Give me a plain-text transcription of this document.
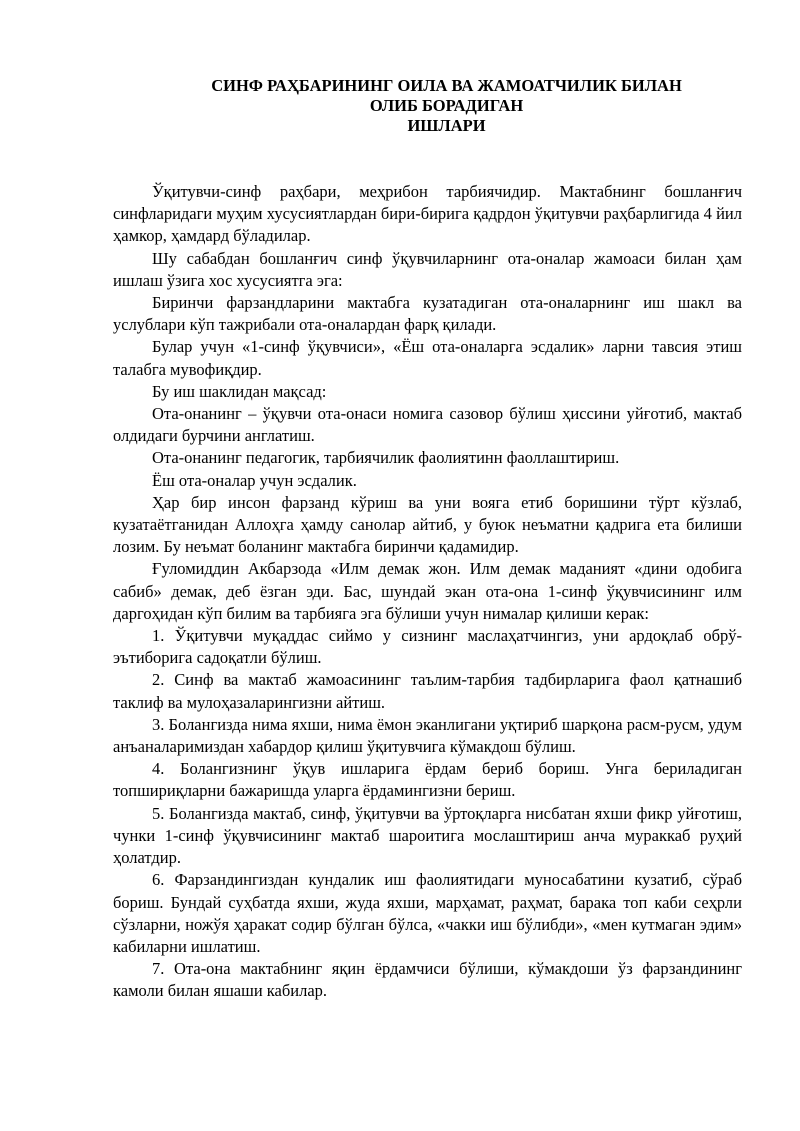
СИНФ РАҲБАРИНИНГ ОИЛА ВА ЖАМОАТЧИЛИК БИЛАН
ОЛИБ БОРАДИГАН
ИШЛАРИ

Ўқитувчи-синф раҳбари, меҳрибон тарбиячидир. Мактабнинг бошланғич синфларидаги муҳим хусусиятлардан бири-бирига қадрдон ўқитувчи раҳбарлигида 4 йил ҳамкор, ҳамдард бўладилар.

Шу сабабдан бошланғич синф ўқувчиларнинг ота-оналар жамоаси билан ҳам ишлаш ўзига хос хусусиятга эга:

Биринчи фарзандларини мактабга кузатадиган ота-оналарнинг иш шакл ва услублари кўп тажрибали ота-оналардан фарқ қилади.

Булар учун «1-синф ўқувчиси», «Ёш ота-оналарга эсдалик» ларни тавсия этиш талабга мувофиқдир.

Бу иш шаклидан мақсад:

Ота-онанинг – ўқувчи ота-онаси номига сазовор бўлиш ҳиссини уйғотиб, мактаб олдидаги бурчини англатиш.

Ота-онанинг педагогик, тарбиячилик фаолиятинн фаоллаштириш.

Ёш ота-оналар учун эсдалик.

Ҳар бир инсон фарзанд кўриш ва уни вояга етиб боришини тўрт кўзлаб, кузатаётганидан Аллоҳга ҳамду санолар айтиб, у буюк неъматни қадрига ета билиши лозим. Бу неъмат боланинг мактабга биринчи қадамидир.

Ғуломиддин Акбарзода «Илм демак жон. Илм демак маданият «дини одобига сабиб» демак, деб ёзган эди. Бас, шундай экан ота-она 1-синф ўқувчисининг илм даргоҳидан кўп билим ва тарбияга эга бўлиши учун нималар қилиши керак:

1. Ўқитувчи муқаддас сиймо у сизнинг маслаҳатчингиз, уни ардоқлаб обрў-эътиборига садоқатли бўлиш.

2. Синф ва мактаб жамоасининг таълим-тарбия тадбирларига фаол қатнашиб таклиф ва мулоҳазаларингизни айтиш.

3. Болангизда нима яхши, нима ёмон эканлигани уқтириб шарқона расм-русм, удум анъаналаримиздан хабардор қилиш ўқитувчига кўмакдош бўлиш.

4. Болангизнинг ўқув ишларига ёрдам бериб бориш. Унга бериладиган топшириқларни бажаришда уларга ёрдамингизни бериш.

5. Болангизда мактаб, синф, ўқитувчи ва ўртоқларга нисбатан яхши фикр уйғотиш, чунки 1-синф ўқувчисининг мактаб шароитига мослаштириш анча мураккаб руҳий ҳолатдир.

6. Фарзандингиздан кундалик иш фаолиятидаги муносабатини кузатиб, сўраб бориш. Бундай суҳбатда яхши, жуда яхши, марҳамат, раҳмат, барака топ каби сеҳрли сўзларни, ножўя ҳаракат содир бўлган бўлса, «чакки иш бўлибди», «мен кутмаган эдим» кабиларни ишлатиш.

7. Ота-она мактабнинг яқин ёрдамчиси бўлиши, кўмакдоши ўз фарзандининг камоли билан яшаши кабилар.
